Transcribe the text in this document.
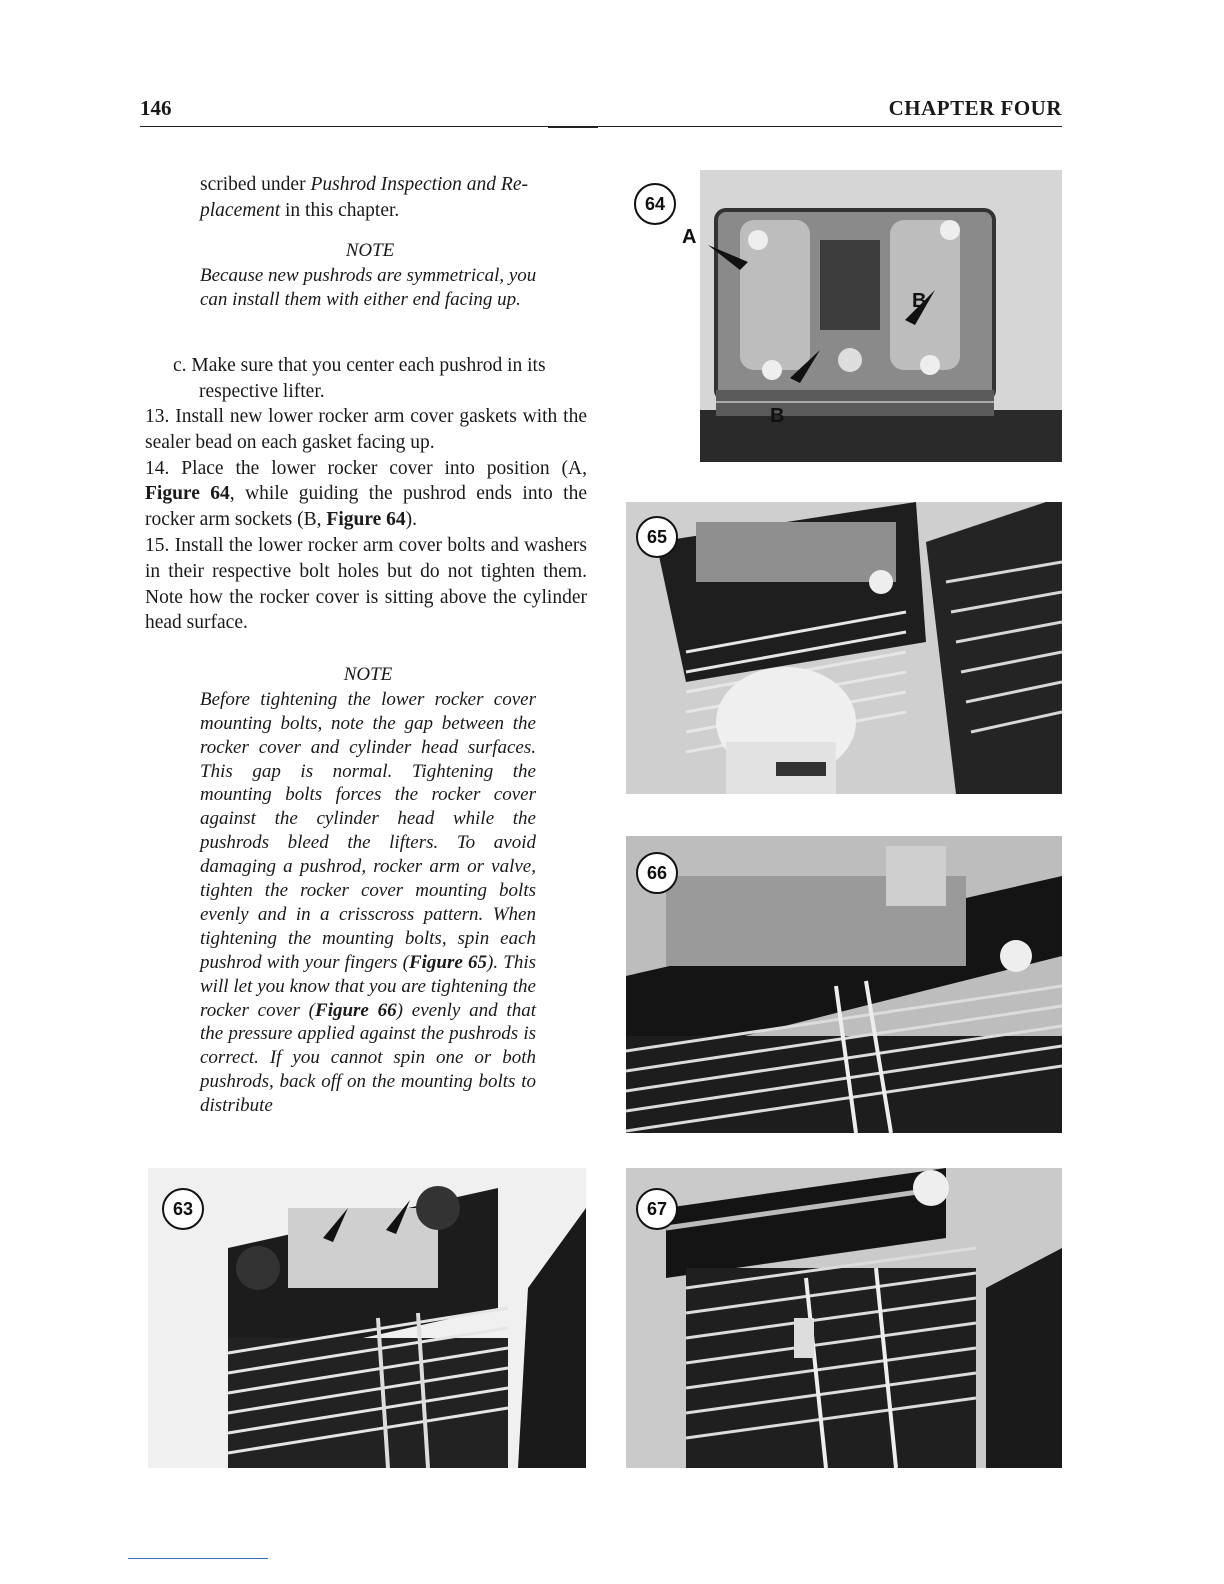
146	CHAPTER FOUR

scribed under Pushrod Inspection and Re-
placement in this chapter.

NOTE

Because new pushrods are symmetrical, you can install them with either end facing up.

c. Make sure that you center each pushrod in its respective lifter.

13. Install new lower rocker arm cover gaskets with the sealer bead on each gasket facing up.

14. Place the lower rocker cover into position (A, Figure 64, while guiding the pushrod ends into the rocker arm sockets (B, Figure 64).

15. Install the lower rocker arm cover bolts and washers in their respective bolt holes but do not tighten them. Note how the rocker cover is sitting above the cylinder head surface.

NOTE

Before tightening the lower rocker cover mounting bolts, note the gap between the rocker cover and cylinder head surfaces. This gap is normal. Tightening the mounting bolts forces the rocker cover against the cylinder head while the pushrods bleed the lifters. To avoid damaging a pushrod, rocker arm or valve, tighten the rocker cover mounting bolts evenly and in a crisscross pattern. When tightening the mounting bolts, spin each pushrod with your fingers (Figure 65). This will let you know that you are tightening the rocker cover (Figure 66) evenly and that the pressure applied against the pushrods is correct. If you cannot spin one or both pushrods, back off on the mounting bolts to distribute

64
A
B
B
65
66
63	67
